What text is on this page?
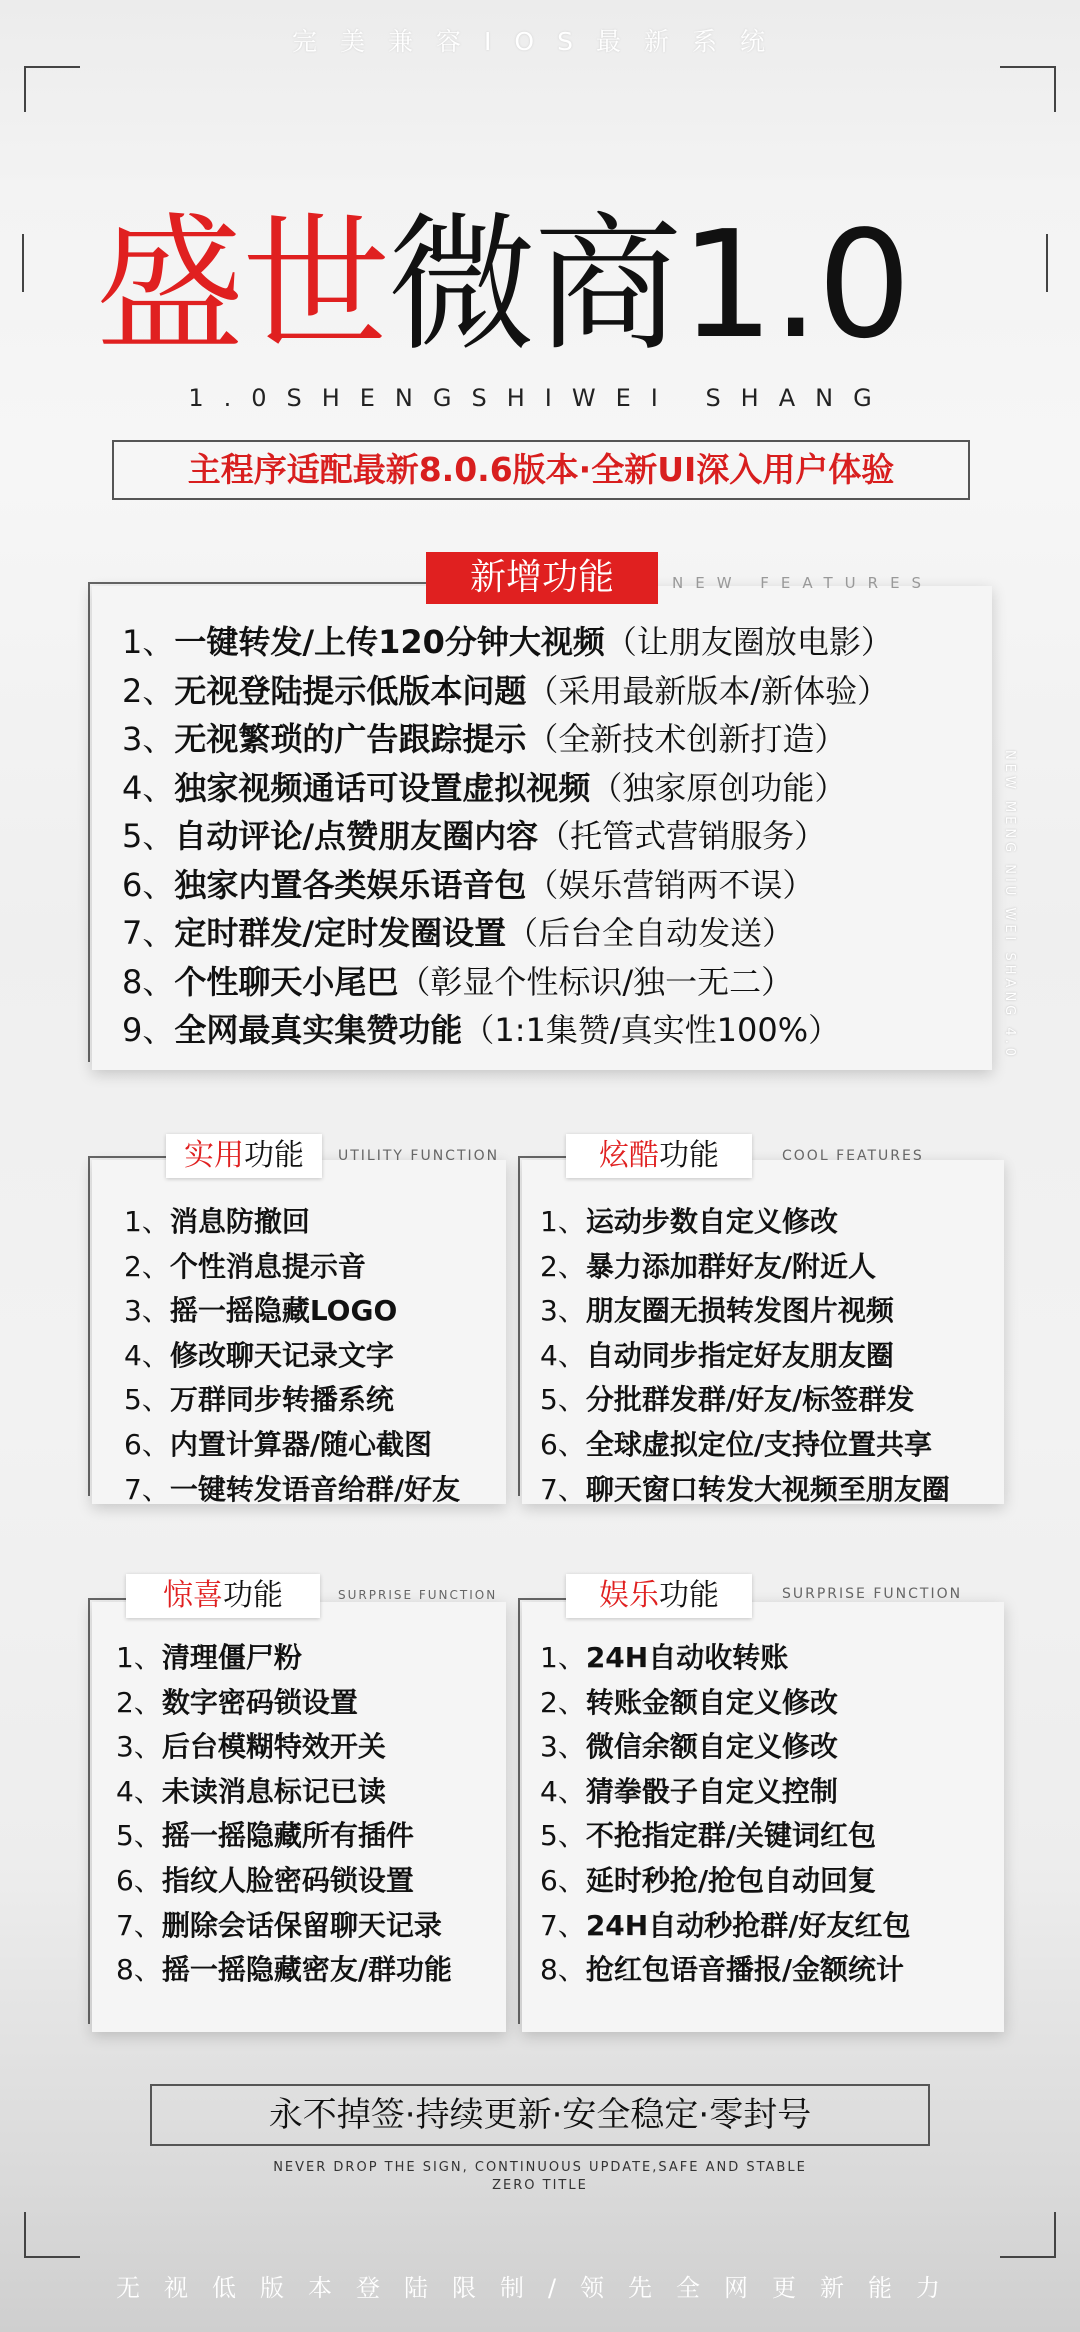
完美兼容IOS最新系统
盛世微商1.0
1.0SHENGSHIWEI SHANG
主程序适配最新8.0.6版本·全新UI深入用户体验
新增功能	NEW FEATURES
1、一键转发/上传120分钟大视频（让朋友圈放电影）
2、无视登陆提示低版本问题（采用最新版本/新体验）
3、无视繁琐的广告跟踪提示（全新技术创新打造）
4、独家视频通话可设置虚拟视频（独家原创功能）
5、自动评论/点赞朋友圈内容（托管式营销服务）
6、独家内置各类娱乐语音包（娱乐营销两不误）
7、定时群发/定时发圈设置（后台全自动发送）
8、个性聊天小尾巴（彰显个性标识/独一无二）
9、全网最真实集赞功能（1:1集赞/真实性100%）	NEW MENG NIU WEI SHANG 4.0
实用功能	UTILITY FUNCTION
1、消息防撤回
2、个性消息提示音
3、摇一摇隐藏LOGO
4、修改聊天记录文字
5、万群同步转播系统
6、内置计算器/随心截图
7、一键转发语音给群/好友
炫酷功能	COOL FEATURES
1、运动步数自定义修改
2、暴力添加群好友/附近人
3、朋友圈无损转发图片视频
4、自动同步指定好友朋友圈
5、分批群发群/好友/标签群发
6、全球虚拟定位/支持位置共享
7、聊天窗口转发大视频至朋友圈
惊喜功能	SURPRISE FUNCTION
1、清理僵尸粉
2、数字密码锁设置
3、后台模糊特效开关
4、未读消息标记已读
5、摇一摇隐藏所有插件
6、指纹人脸密码锁设置
7、删除会话保留聊天记录
8、摇一摇隐藏密友/群功能
娱乐功能	SURPRISE FUNCTION
1、24H自动收转账
2、转账金额自定义修改
3、微信余额自定义修改
4、猜拳骰子自定义控制
5、不抢指定群/关键词红包
6、延时秒抢/抢包自动回复
7、24H自动秒抢群/好友红包
8、抢红包语音播报/金额统计
永不掉签·持续更新·安全稳定·零封号
NEVER DROP THE SIGN, CONTINUOUS UPDATE,SAFE AND STABLE
ZERO TITLE
无视低版本登陆限制/领先全网更新能力
